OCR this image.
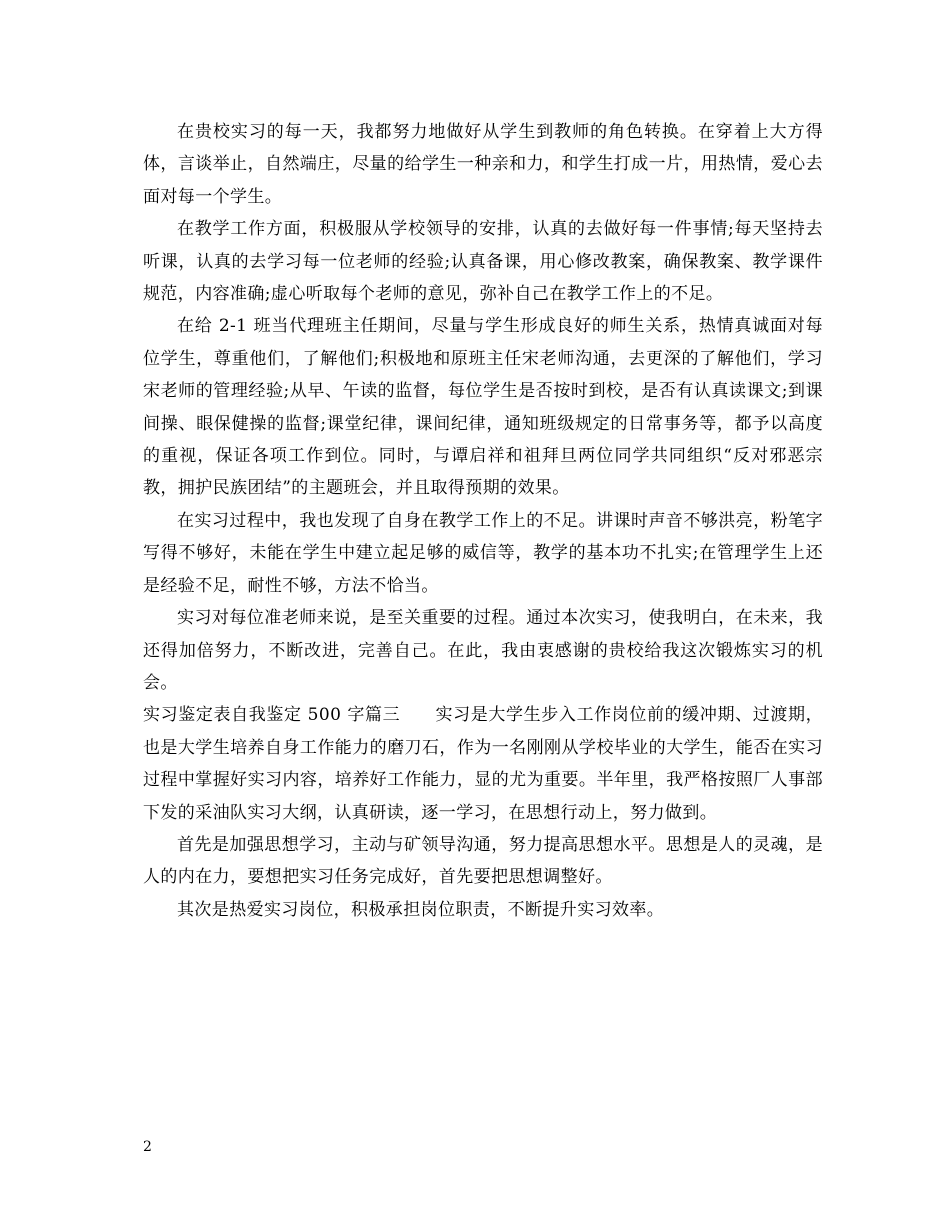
在贵校实习的每一天，我都努力地做好从学生到教师的角色转换。在穿着上大方得体，言谈举止，自然端庄，尽量的给学生一种亲和力，和学生打成一片，用热情，爱心去面对每一个学生。

在教学工作方面，积极服从学校领导的安排，认真的去做好每一件事情;每天坚持去听课，认真的去学习每一位老师的经验;认真备课，用心修改教案，确保教案、教学课件规范，内容准确;虚心听取每个老师的意见，弥补自己在教学工作上的不足。

在给 2-1 班当代理班主任期间，尽量与学生形成良好的师生关系，热情真诚面对每位学生，尊重他们，了解他们;积极地和原班主任宋老师沟通，去更深的了解他们，学习宋老师的管理经验;从早、午读的监督，每位学生是否按时到校，是否有认真读课文;到课间操、眼保健操的监督;课堂纪律，课间纪律，通知班级规定的日常事务等，都予以高度的重视，保证各项工作到位。同时，与谭启祥和祖拜旦两位同学共同组织“反对邪恶宗教，拥护民族团结”的主题班会，并且取得预期的效果。

在实习过程中，我也发现了自身在教学工作上的不足。讲课时声音不够洪亮，粉笔字写得不够好，未能在学生中建立起足够的威信等，教学的基本功不扎实;在管理学生上还是经验不足，耐性不够，方法不恰当。

实习对每位准老师来说，是至关重要的过程。通过本次实习，使我明白，在未来，我还得加倍努力，不断改进，完善自己。在此，我由衷感谢的贵校给我这次锻炼实习的机会。

实习鉴定表自我鉴定 500 字篇三　　实习是大学生步入工作岗位前的缓冲期、过渡期，也是大学生培养自身工作能力的磨刀石，作为一名刚刚从学校毕业的大学生，能否在实习过程中掌握好实习内容，培养好工作能力，显的尤为重要。半年里，我严格按照厂人事部下发的采油队实习大纲，认真研读，逐一学习，在思想行动上，努力做到。

首先是加强思想学习，主动与矿领导沟通，努力提高思想水平。思想是人的灵魂，是人的内在力，要想把实习任务完成好，首先要把思想调整好。

其次是热爱实习岗位，积极承担岗位职责，不断提升实习效率。

2
